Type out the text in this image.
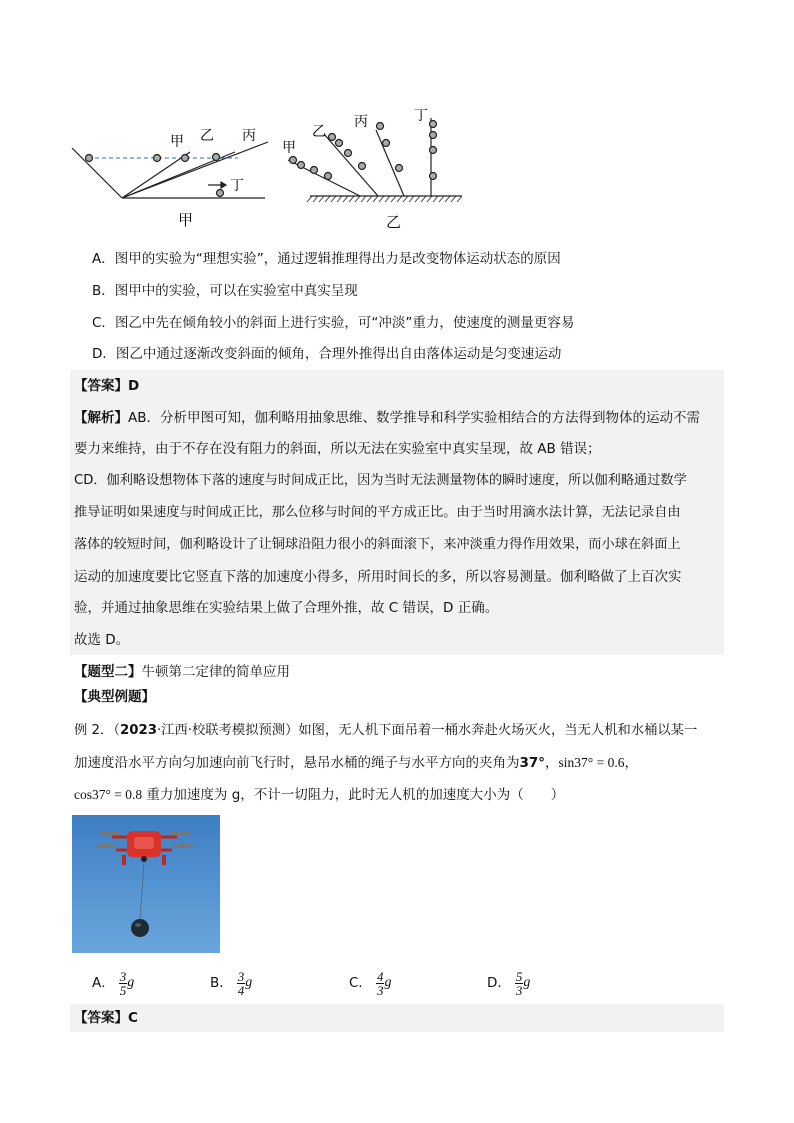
甲 乙 丙
丁
甲
甲
乙
丙	丁
乙
A．图甲的实验为“理想实验”，通过逻辑推理得出力是改变物体运动状态的原因
B．图甲中的实验，可以在实验室中真实呈现
C．图乙中先在倾角较小的斜面上进行实验，可“冲淡”重力，使速度的测量更容易
D．图乙中通过逐渐改变斜面的倾角，合理外推得出自由落体运动是匀变速运动
【答案】D
【解析】AB．分析甲图可知，伽利略用抽象思维、数学推导和科学实验相结合的方法得到物体的运动不需
要力来维持，由于不存在没有阻力的斜面，所以无法在实验室中真实呈现，故 AB 错误；
CD．伽利略设想物体下落的速度与时间成正比，因为当时无法测量物体的瞬时速度，所以伽利略通过数学
推导证明如果速度与时间成正比，那么位移与时间的平方成正比。由于当时用滴水法计算，无法记录自由
落体的较短时间，伽利略设计了让铜球沿阻力很小的斜面滚下，来冲淡重力得作用效果，而小球在斜面上
运动的加速度要比它竖直下落的加速度小得多，所用时间长的多，所以容易测量。伽利略做了上百次实
验，并通过抽象思维在实验结果上做了合理外推，故 C 错误，D 正确。
故选 D。
【题型二】牛顿第二定律的简单应用
【典型例题】
例 2．（2023·江西·校联考模拟预测）如图，无人机下面吊着一桶水奔赴火场灭火，当无人机和水桶以某一
加速度沿水平方向匀加速向前飞行时，悬吊水桶的绳子与水平方向的夹角为37°，sin37° = 0.6，
cos37° = 0.8 重力加速度为 g，不计一切阻力，此时无人机的加速度大小为（　　）
A． $\frac{3}{5}$ g	B． $\frac{3}{4}$ g	C． $\frac{4}{3}$ g	D． $\frac{5}{3}$ g
【答案】C
